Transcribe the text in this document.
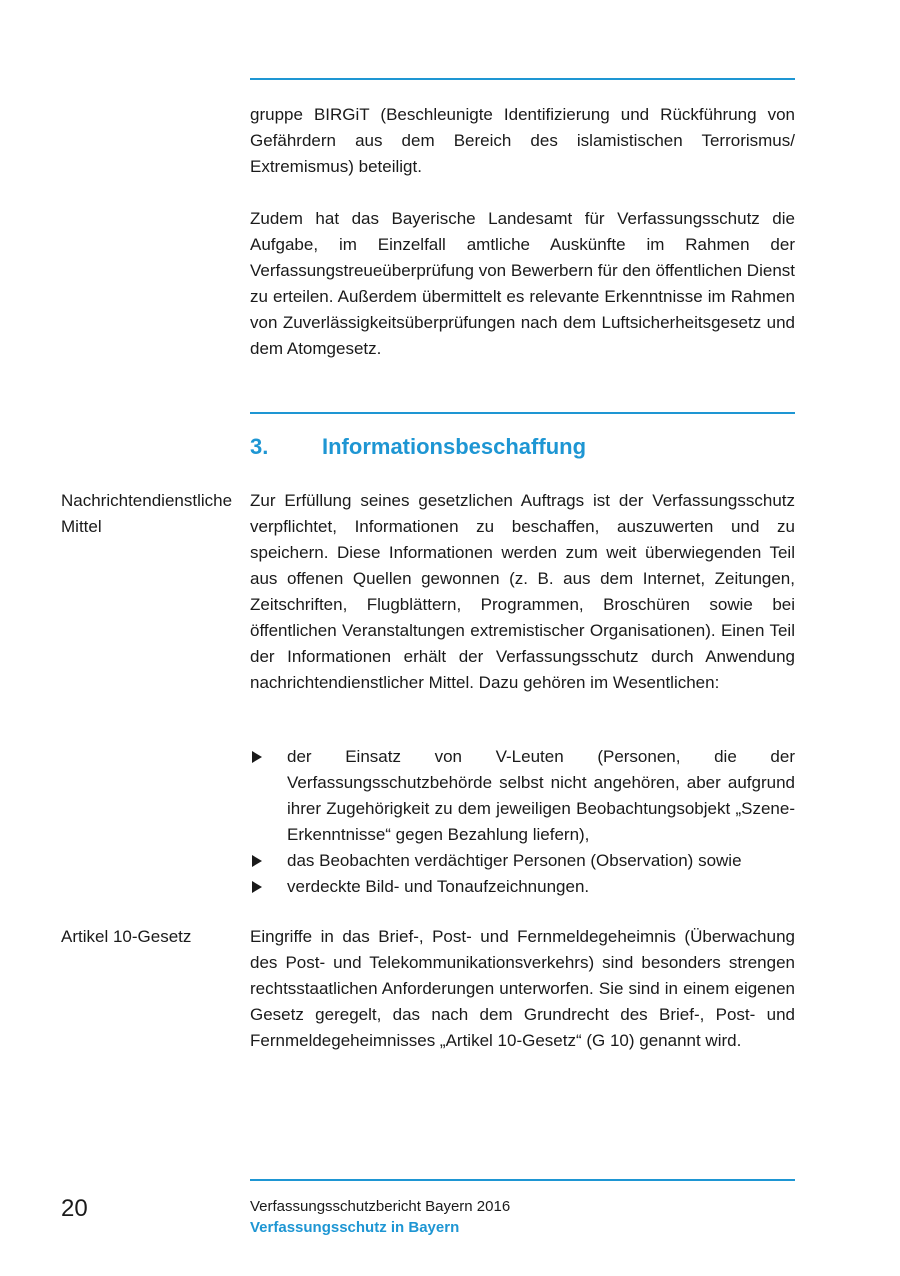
gruppe BIRGiT (Beschleunigte Identifizierung und Rückführung von Gefährdern aus dem Bereich des islamistischen Terrorismus/ Extremismus) beteiligt.

Zudem hat das Bayerische Landesamt für Verfassungsschutz die Aufgabe, im Einzelfall amtliche Auskünfte im Rahmen der Verfassungstreueüberprüfung von Bewerbern für den öffentlichen Dienst zu erteilen. Außerdem übermittelt es relevante Erkenntnisse im Rahmen von Zuverlässigkeitsüberprüfungen nach dem Luftsicherheitsgesetz und dem Atomgesetz.

3. Informationsbeschaffung

Nachrichtendienstliche Mittel

Zur Erfüllung seines gesetzlichen Auftrags ist der Verfassungsschutz verpflichtet, Informationen zu beschaffen, auszuwerten und zu speichern. Diese Informationen werden zum weit überwiegenden Teil aus offenen Quellen gewonnen (z. B. aus dem Internet, Zeitungen, Zeitschriften, Flugblättern, Programmen, Broschüren sowie bei öffentlichen Veranstaltungen extremistischer Organisationen). Einen Teil der Informationen erhält der Verfassungsschutz durch Anwendung nachrichtendienstlicher Mittel. Dazu gehören im Wesentlichen:

der Einsatz von V-Leuten (Personen, die der Verfassungsschutzbehörde selbst nicht angehören, aber aufgrund ihrer Zugehörigkeit zu dem jeweiligen Beobachtungsobjekt „Szene-Erkenntnisse“ gegen Bezahlung liefern),
das Beobachten verdächtiger Personen (Observation) sowie
verdeckte Bild- und Tonaufzeichnungen.

Artikel 10-Gesetz	Eingriffe in das Brief-, Post- und Fernmeldegeheimnis (Überwachung des Post- und Telekommunikationsverkehrs) sind besonders strengen rechtsstaatlichen Anforderungen unterworfen. Sie sind in einem eigenen Gesetz geregelt, das nach dem Grundrecht des Brief-, Post- und Fernmeldegeheimnisses „Artikel 10-Gesetz“ (G 10) genannt wird.

20	Verfassungsschutzbericht Bayern 2016
Verfassungsschutz in Bayern
